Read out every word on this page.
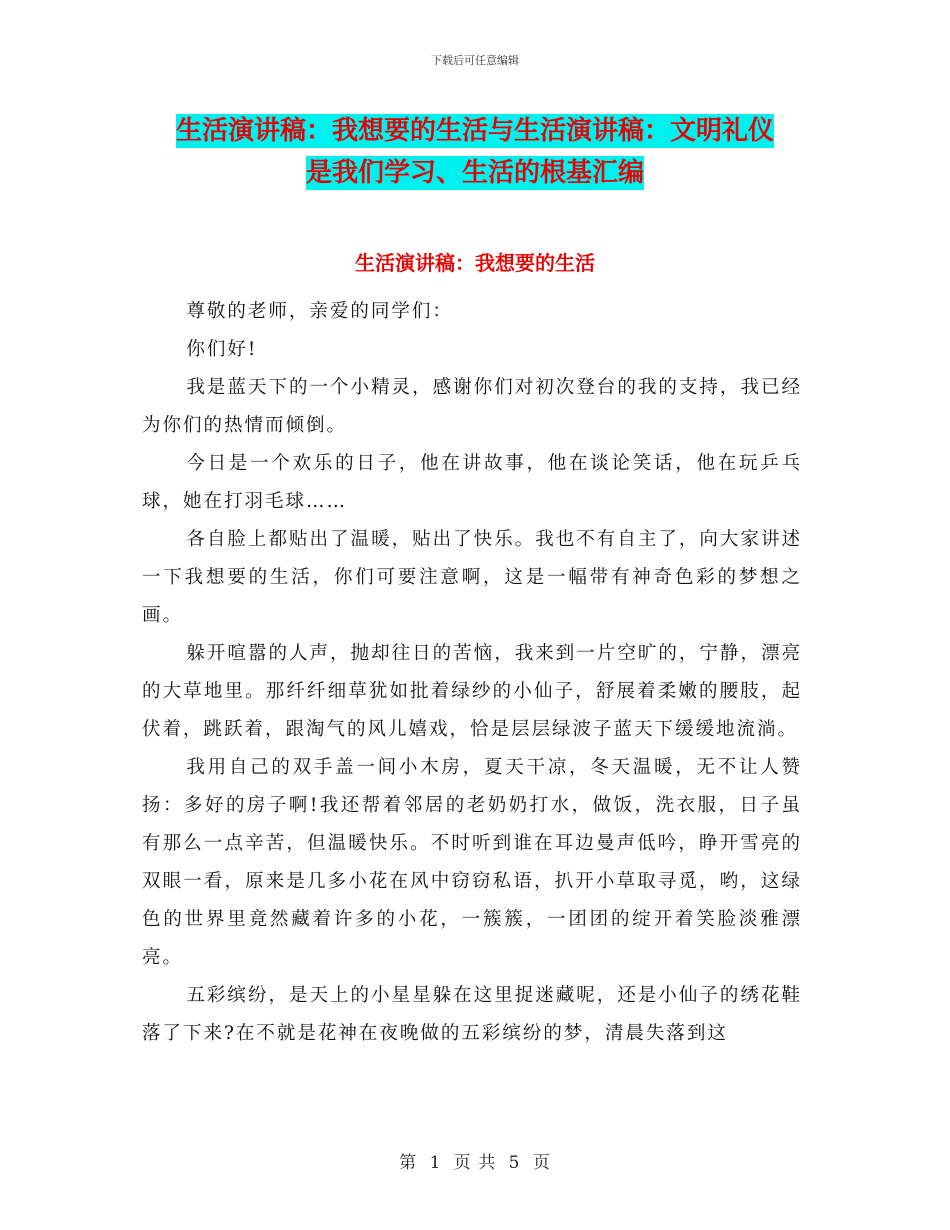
下载后可任意编辑
生活演讲稿：我想要的生活与生活演讲稿：文明礼仪
是我们学习、生活的根基汇编
生活演讲稿：我想要的生活

尊敬的老师，亲爱的同学们：

你们好!

我是蓝天下的一个小精灵，感谢你们对初次登台的我的支持，我已经为你们的热情而倾倒。

今日是一个欢乐的日子，他在讲故事，他在谈论笑话，他在玩乒乓球，她在打羽毛球……

各自脸上都贴出了温暖，贴出了快乐。我也不有自主了，向大家讲述一下我想要的生活，你们可要注意啊，这是一幅带有神奇色彩的梦想之画。

躲开喧嚣的人声，抛却往日的苦恼，我来到一片空旷的，宁静，漂亮的大草地里。那纤纤细草犹如批着绿纱的小仙子，舒展着柔嫩的腰肢，起伏着，跳跃着，跟淘气的风儿嬉戏，恰是层层绿波子蓝天下缓缓地流淌。

我用自己的双手盖一间小木房，夏天干凉，冬天温暖，无不让人赞扬：多好的房子啊!我还帮着邻居的老奶奶打水，做饭，洗衣服，日子虽有那么一点辛苦，但温暖快乐。不时听到谁在耳边曼声低吟，睁开雪亮的双眼一看，原来是几多小花在风中窃窃私语，扒开小草取寻觅，哟，这绿色的世界里竟然藏着许多的小花，一簇簇，一团团的绽开着笑脸淡雅漂亮。

五彩缤纷，是天上的小星星躲在这里捉迷藏呢，还是小仙子的绣花鞋落了下来?在不就是花神在夜晚做的五彩缤纷的梦，清晨失落到这

第 1 页 共 5 页
